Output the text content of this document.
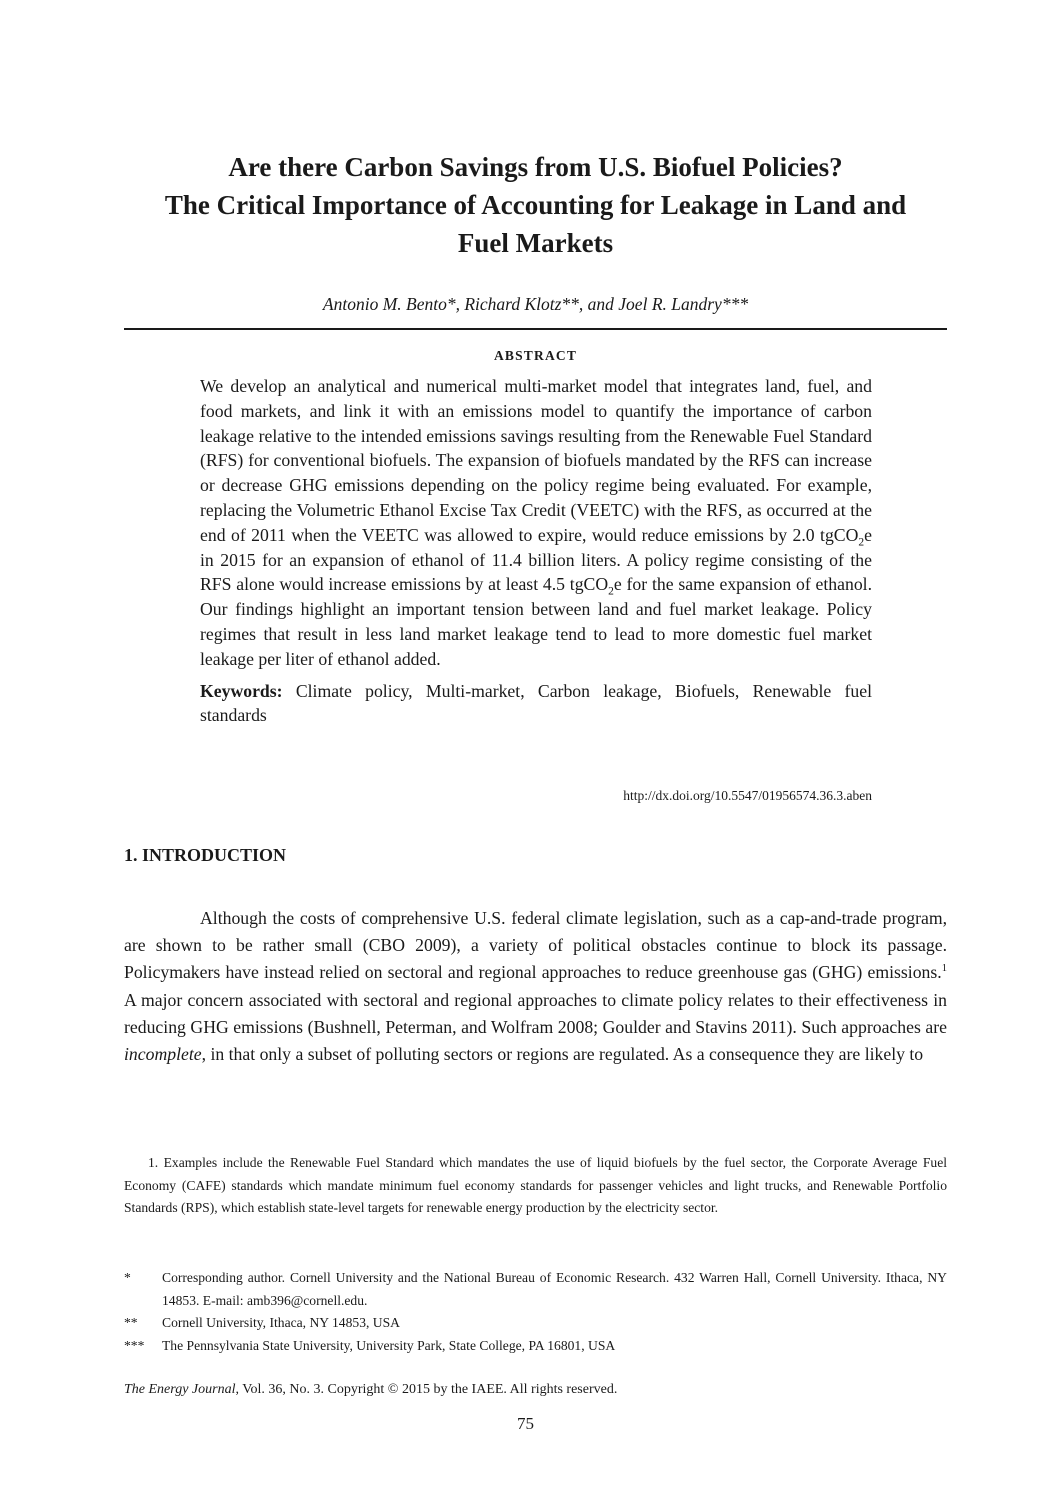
Are there Carbon Savings from U.S. Biofuel Policies?
The Critical Importance of Accounting for Leakage in Land and
Fuel Markets

Antonio M. Bento*, Richard Klotz**, and Joel R. Landry***

ABSTRACT

We develop an analytical and numerical multi-market model that integrates land, fuel, and food markets, and link it with an emissions model to quantify the importance of carbon leakage relative to the intended emissions savings resulting from the Renewable Fuel Standard (RFS) for conventional biofuels. The expansion of biofuels mandated by the RFS can increase or decrease GHG emissions depending on the policy regime being evaluated. For example, replacing the Volumetric Ethanol Excise Tax Credit (VEETC) with the RFS, as occurred at the end of 2011 when the VEETC was allowed to expire, would reduce emissions by 2.0 tgCO$_2$e in 2015 for an expansion of ethanol of 11.4 billion liters. A policy regime consisting of the RFS alone would increase emissions by at least 4.5 tgCO$_2$e for the same expansion of ethanol. Our findings highlight an important tension between land and fuel market leakage. Policy regimes that result in less land market leakage tend to lead to more domestic fuel market leakage per liter of ethanol added.

Keywords: Climate policy, Multi-market, Carbon leakage, Biofuels, Renewable fuel standards

http://dx.doi.org/10.5547/01956574.36.3.aben
1. INTRODUCTION

Although the costs of comprehensive U.S. federal climate legislation, such as a cap-and-trade program, are shown to be rather small (CBO 2009), a variety of political obstacles continue to block its passage. Policymakers have instead relied on sectoral and regional approaches to reduce greenhouse gas (GHG) emissions.$^1$ A major concern associated with sectoral and regional approaches to climate policy relates to their effectiveness in reducing GHG emissions (Bushnell, Peterman, and Wolfram 2008; Goulder and Stavins 2011). Such approaches are incomplete, in that only a subset of polluting sectors or regions are regulated. As a consequence they are likely to

1. Examples include the Renewable Fuel Standard which mandates the use of liquid biofuels by the fuel sector, the Corporate Average Fuel Economy (CAFE) standards which mandate minimum fuel economy standards for passenger vehicles and light trucks, and Renewable Portfolio Standards (RPS), which establish state-level targets for renewable energy production by the electricity sector.

*	Corresponding author. Cornell University and the National Bureau of Economic Research. 432 Warren Hall, Cornell University. Ithaca, NY 14853. E-mail: amb396@cornell.edu.
**	Cornell University, Ithaca, NY 14853, USA
***	The Pennsylvania State University, University Park, State College, PA 16801, USA

The Energy Journal, Vol. 36, No. 3. Copyright © 2015 by the IAEE. All rights reserved.

75
